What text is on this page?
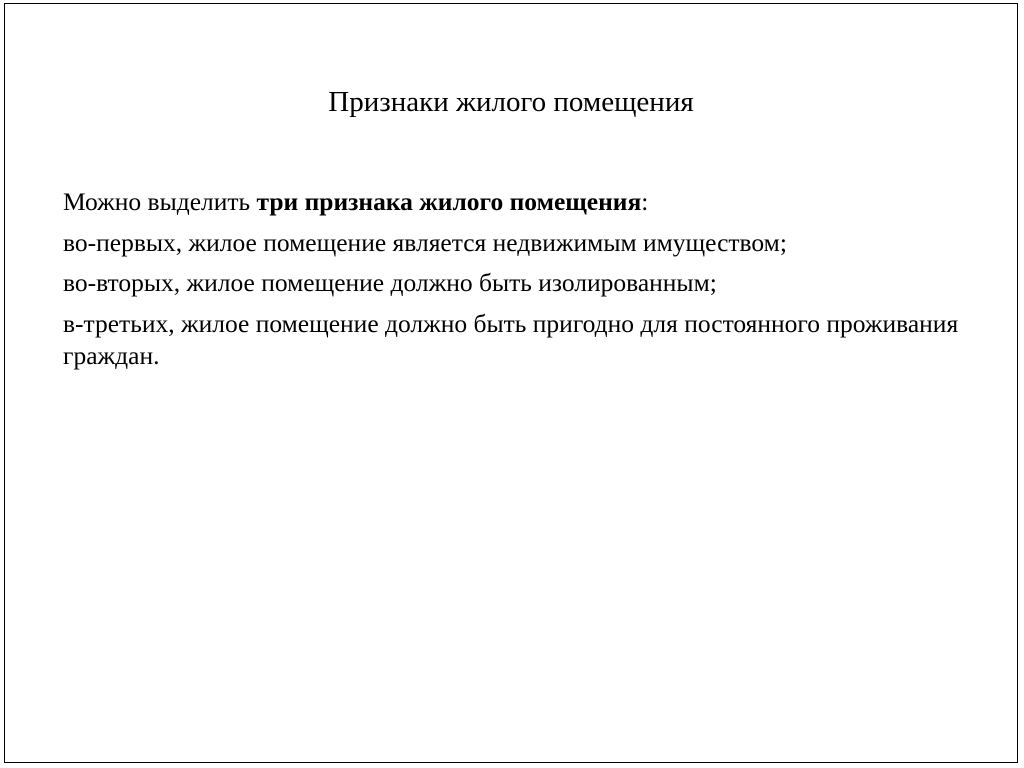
Признаки жилого помещения
Можно выделить три признака жилого помещения:
во-первых, жилое помещение является недвижимым имуществом;
во-вторых, жилое помещение должно быть изолированным;
в-третьих, жилое помещение должно быть пригодно для постоянного проживания граждан.
